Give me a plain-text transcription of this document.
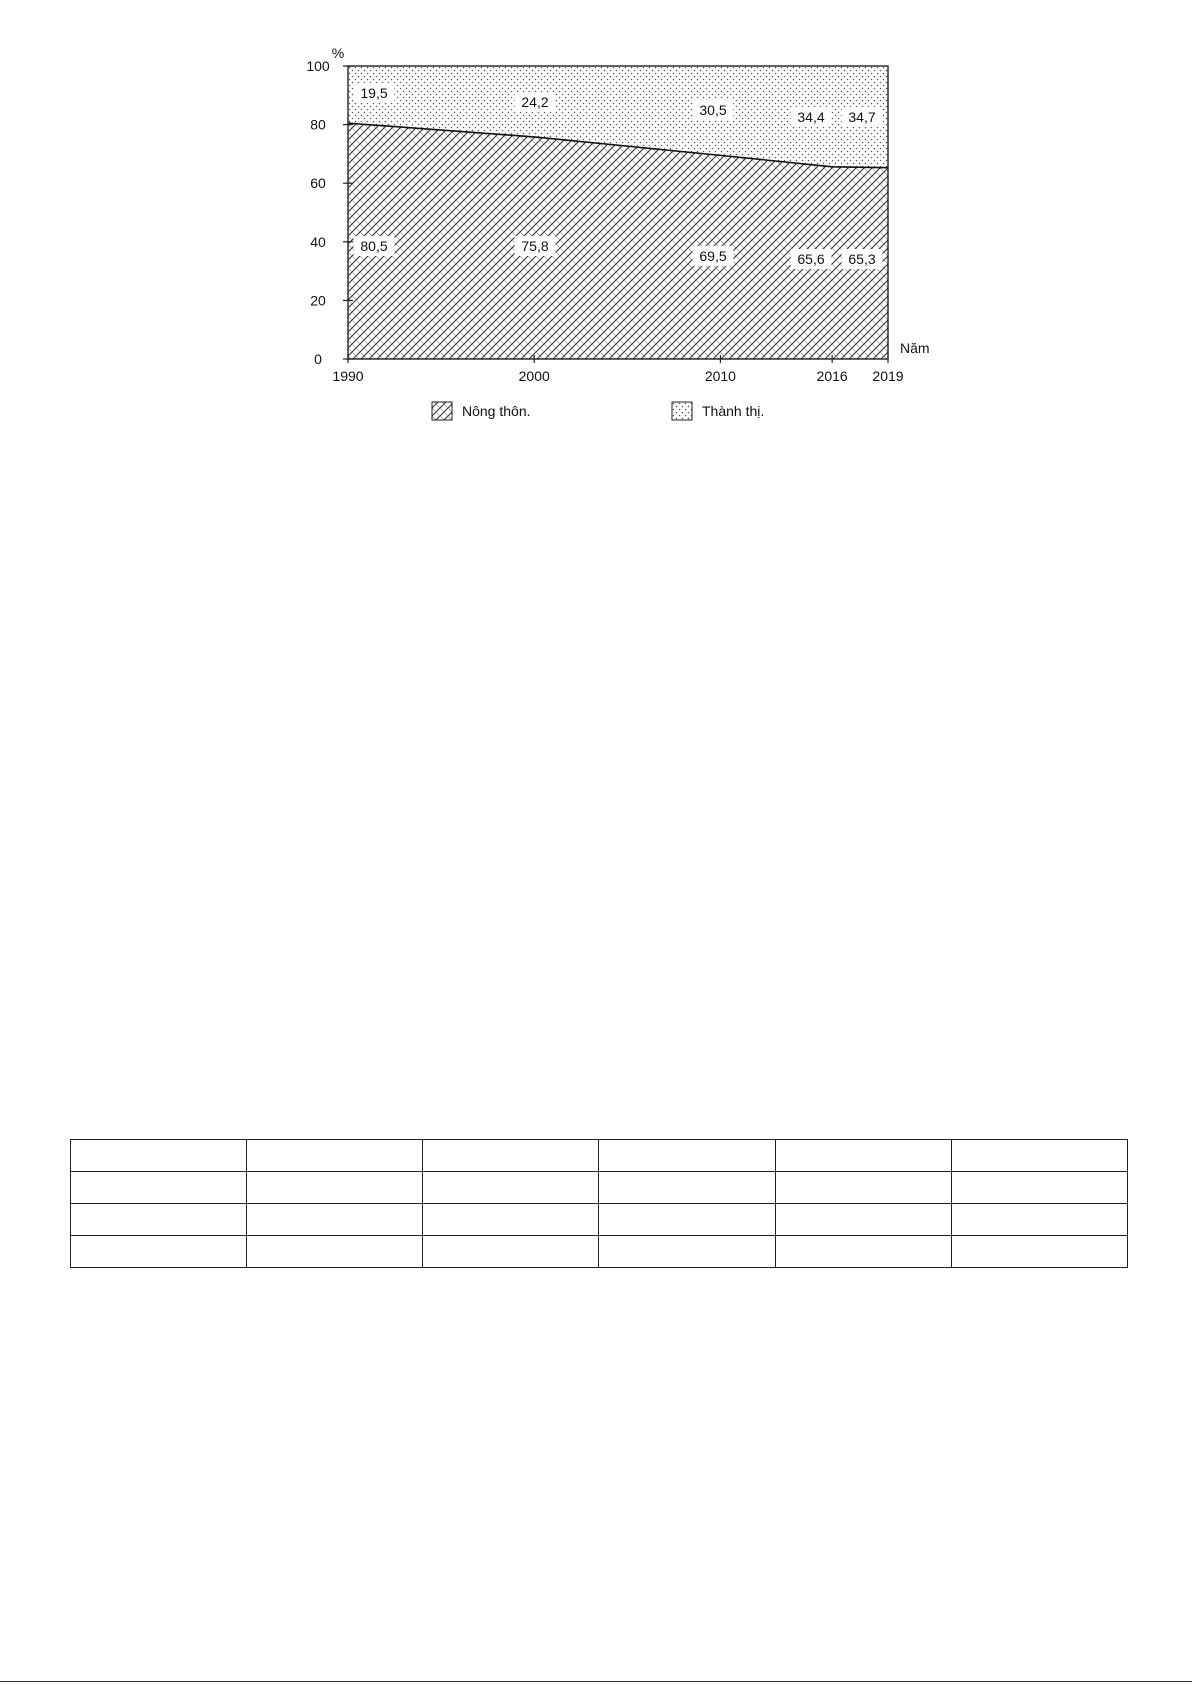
0
20
40
60
80
100
%
1990	2000	2010	2016 2019
Năm
80,5	75,8
69,5	65,6 65,3
19,5
24,2	30,5	34,4 34,7
Nông thôn.	Thành thị.
